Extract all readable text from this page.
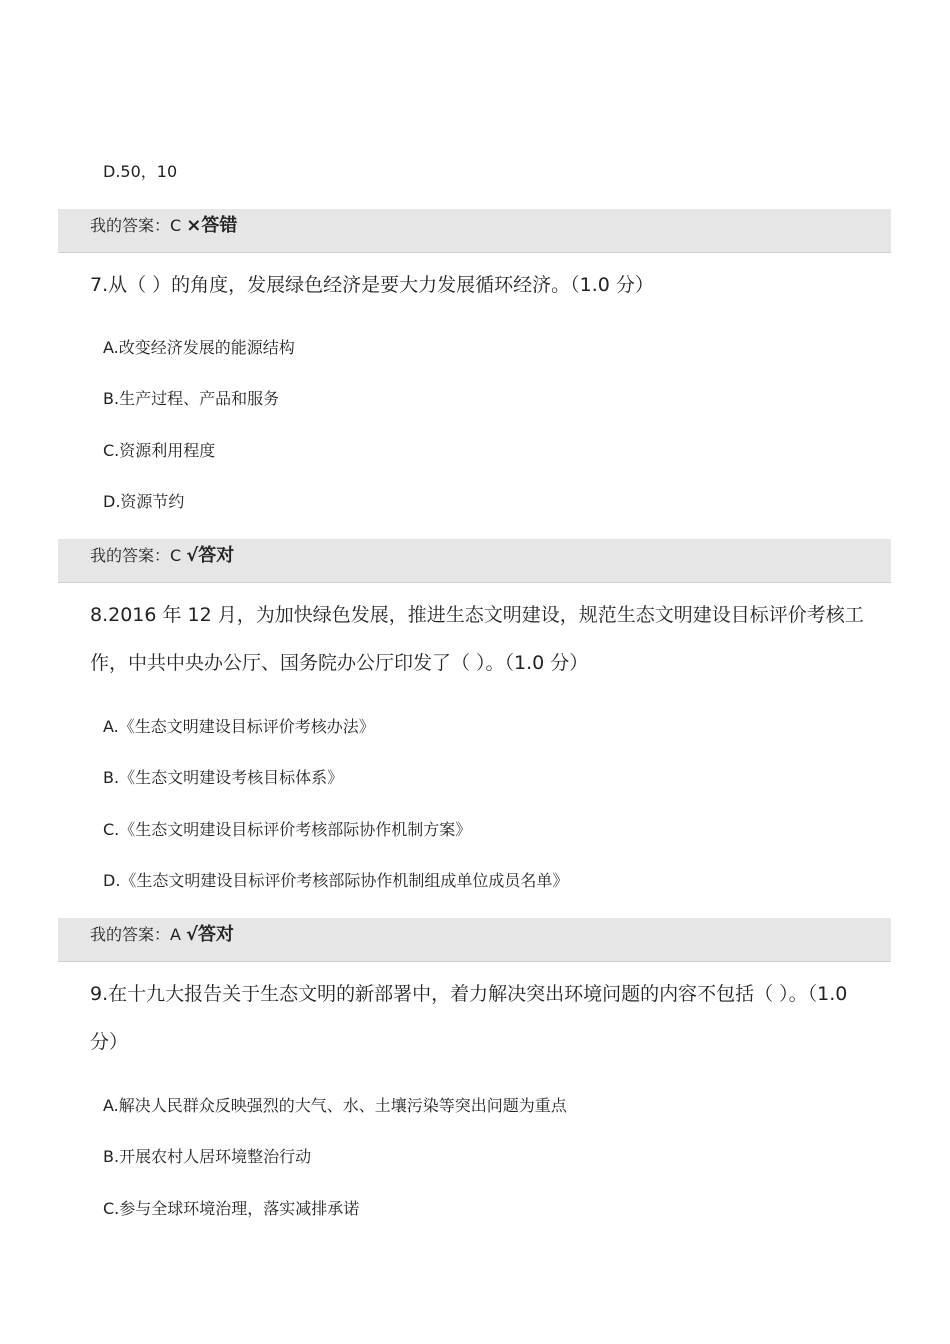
D.50，10
我的答案：C ×答错
7.从（ ）的角度，发展绿色经济是要大力发展循环经济。（1.0 分）
A.改变经济发展的能源结构
B.生产过程、产品和服务
C.资源利用程度
D.资源节约
我的答案：C √答对
8.2016 年 12 月，为加快绿色发展，推进生态文明建设，规范生态文明建设目标评价考核工
作，中共中央办公厅、国务院办公厅印发了（ ）。（1.0 分）
A.《生态文明建设目标评价考核办法》
B.《生态文明建设考核目标体系》
C.《生态文明建设目标评价考核部际协作机制方案》
D.《生态文明建设目标评价考核部际协作机制组成单位成员名单》
我的答案：A √答对
9.在十九大报告关于生态文明的新部署中，着力解决突出环境问题的内容不包括（ ）。（1.0
分）
A.解决人民群众反映强烈的大气、水、土壤污染等突出问题为重点
B.开展农村人居环境整治行动
C.参与全球环境治理，落实减排承诺
